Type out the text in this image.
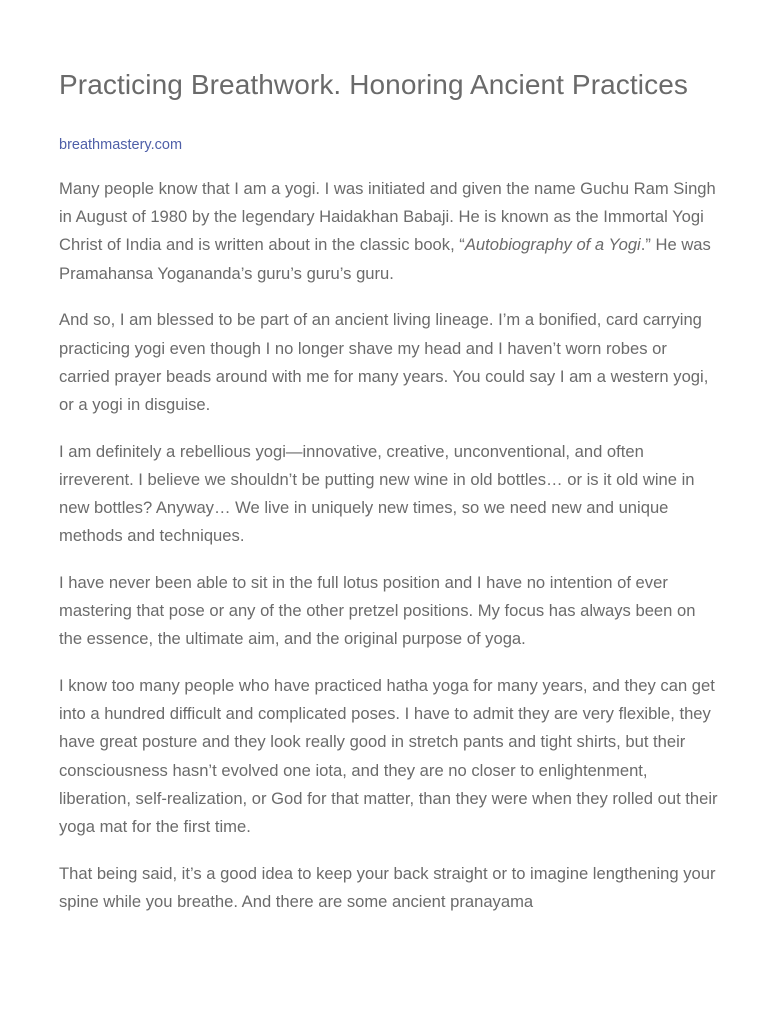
Practicing Breathwork. Honoring Ancient Practices
breathmastery.com

Many people know that I am a yogi. I was initiated and given the name Guchu Ram Singh in August of 1980 by the legendary Haidakhan Babaji. He is known as the Immortal Yogi Christ of India and is written about in the classic book, “Autobiography of a Yogi.” He was Pramahansa Yogananda’s guru’s guru’s guru.

And so, I am blessed to be part of an ancient living lineage. I’m a bonified, card carrying practicing yogi even though I no longer shave my head and I haven’t worn robes or carried prayer beads around with me for many years. You could say I am a western yogi, or a yogi in disguise.

I am definitely a rebellious yogi—innovative, creative, unconventional, and often irreverent. I believe we shouldn’t be putting new wine in old bottles… or is it old wine in new bottles? Anyway… We live in uniquely new times, so we need new and unique methods and techniques.

I have never been able to sit in the full lotus position and I have no intention of ever mastering that pose or any of the other pretzel positions. My focus has always been on the essence, the ultimate aim, and the original purpose of yoga.

I know too many people who have practiced hatha yoga for many years, and they can get into a hundred difficult and complicated poses. I have to admit they are very flexible, they have great posture and they look really good in stretch pants and tight shirts, but their consciousness hasn’t evolved one iota, and they are no closer to enlightenment, liberation, self-realization, or God for that matter, than they were when they rolled out their yoga mat for the first time.

That being said, it’s a good idea to keep your back straight or to imagine lengthening your spine while you breathe. And there are some ancient pranayama
